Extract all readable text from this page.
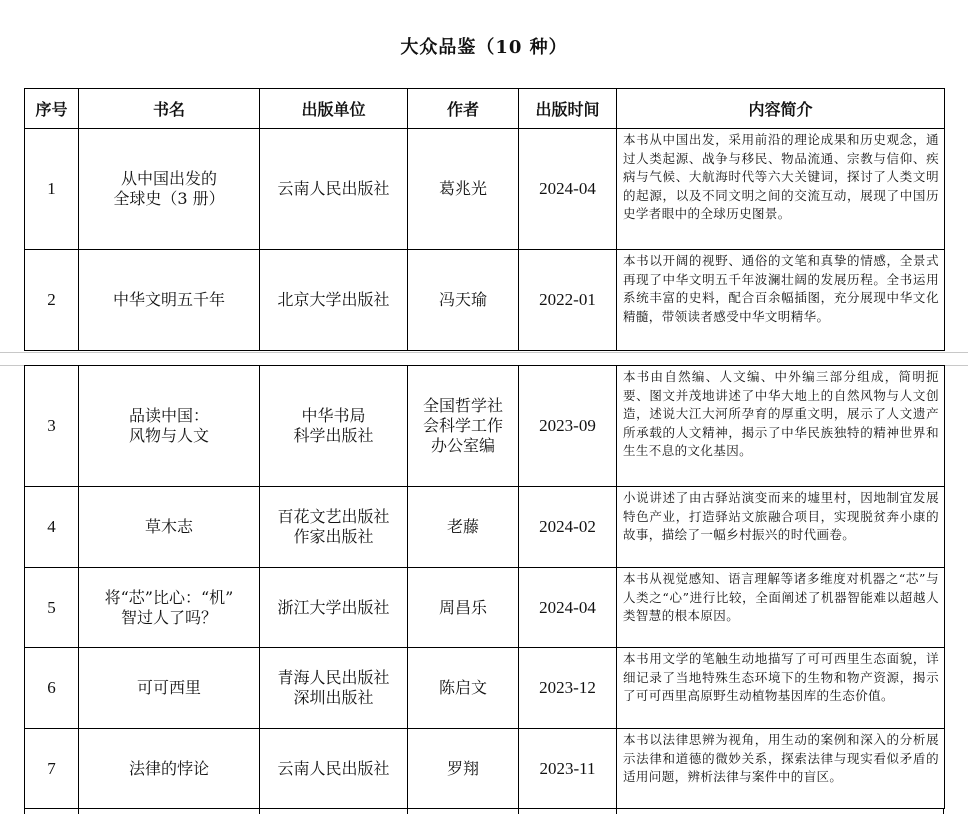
大众品鉴（10 种）
序号	书名	出版单位	作者	出版时间	内容简介
1	从中国出发的
全球史（3 册）	云南人民出版社	葛兆光	2024-04	本书从中国出发，采用前沿的理论成果和历史观念，通过人类起源、战争与移民、物品流通、宗教与信仰、疾病与气候、大航海时代等六大关键词，探讨了人类文明的起源，以及不同文明之间的交流互动，展现了中国历史学者眼中的全球历史图景。
2	中华文明五千年	北京大学出版社	冯天瑜	2022-01	本书以开阔的视野、通俗的文笔和真挚的情感，全景式再现了中华文明五千年波澜壮阔的发展历程。全书运用系统丰富的史料，配合百余幅插图，充分展现中华文化精髓，带领读者感受中华文明精华。
3	品读中国：
风物与人文	中华书局
科学出版社	全国哲学社
会科学工作
办公室编	2023-09	本书由自然编、人文编、中外编三部分组成，简明扼要、图文并茂地讲述了中华大地上的自然风物与人文创造，述说大江大河所孕育的厚重文明，展示了人文遗产所承载的人文精神，揭示了中华民族独特的精神世界和生生不息的文化基因。
4	草木志	百花文艺出版社
作家出版社	老藤	2024-02	小说讲述了由古驿站演变而来的墟里村，因地制宜发展特色产业，打造驿站文旅融合项目，实现脱贫奔小康的故事，描绘了一幅乡村振兴的时代画卷。
5	将“芯”比心：“机”
智过人了吗？	浙江大学出版社	周昌乐	2024-04	本书从视觉感知、语言理解等诸多维度对机器之“芯”与人类之“心”进行比较，全面阐述了机器智能难以超越人类智慧的根本原因。
6	可可西里	青海人民出版社
深圳出版社	陈启文	2023-12	本书用文学的笔触生动地描写了可可西里生态面貌，详细记录了当地特殊生态环境下的生物和物产资源，揭示了可可西里高原野生动植物基因库的生态价值。
7	法律的悖论	云南人民出版社	罗翔	2023-11	本书以法律思辨为视角，用生动的案例和深入的分析展示法律和道德的微妙关系，探索法律与现实看似矛盾的适用问题，辨析法律与案件中的盲区。
